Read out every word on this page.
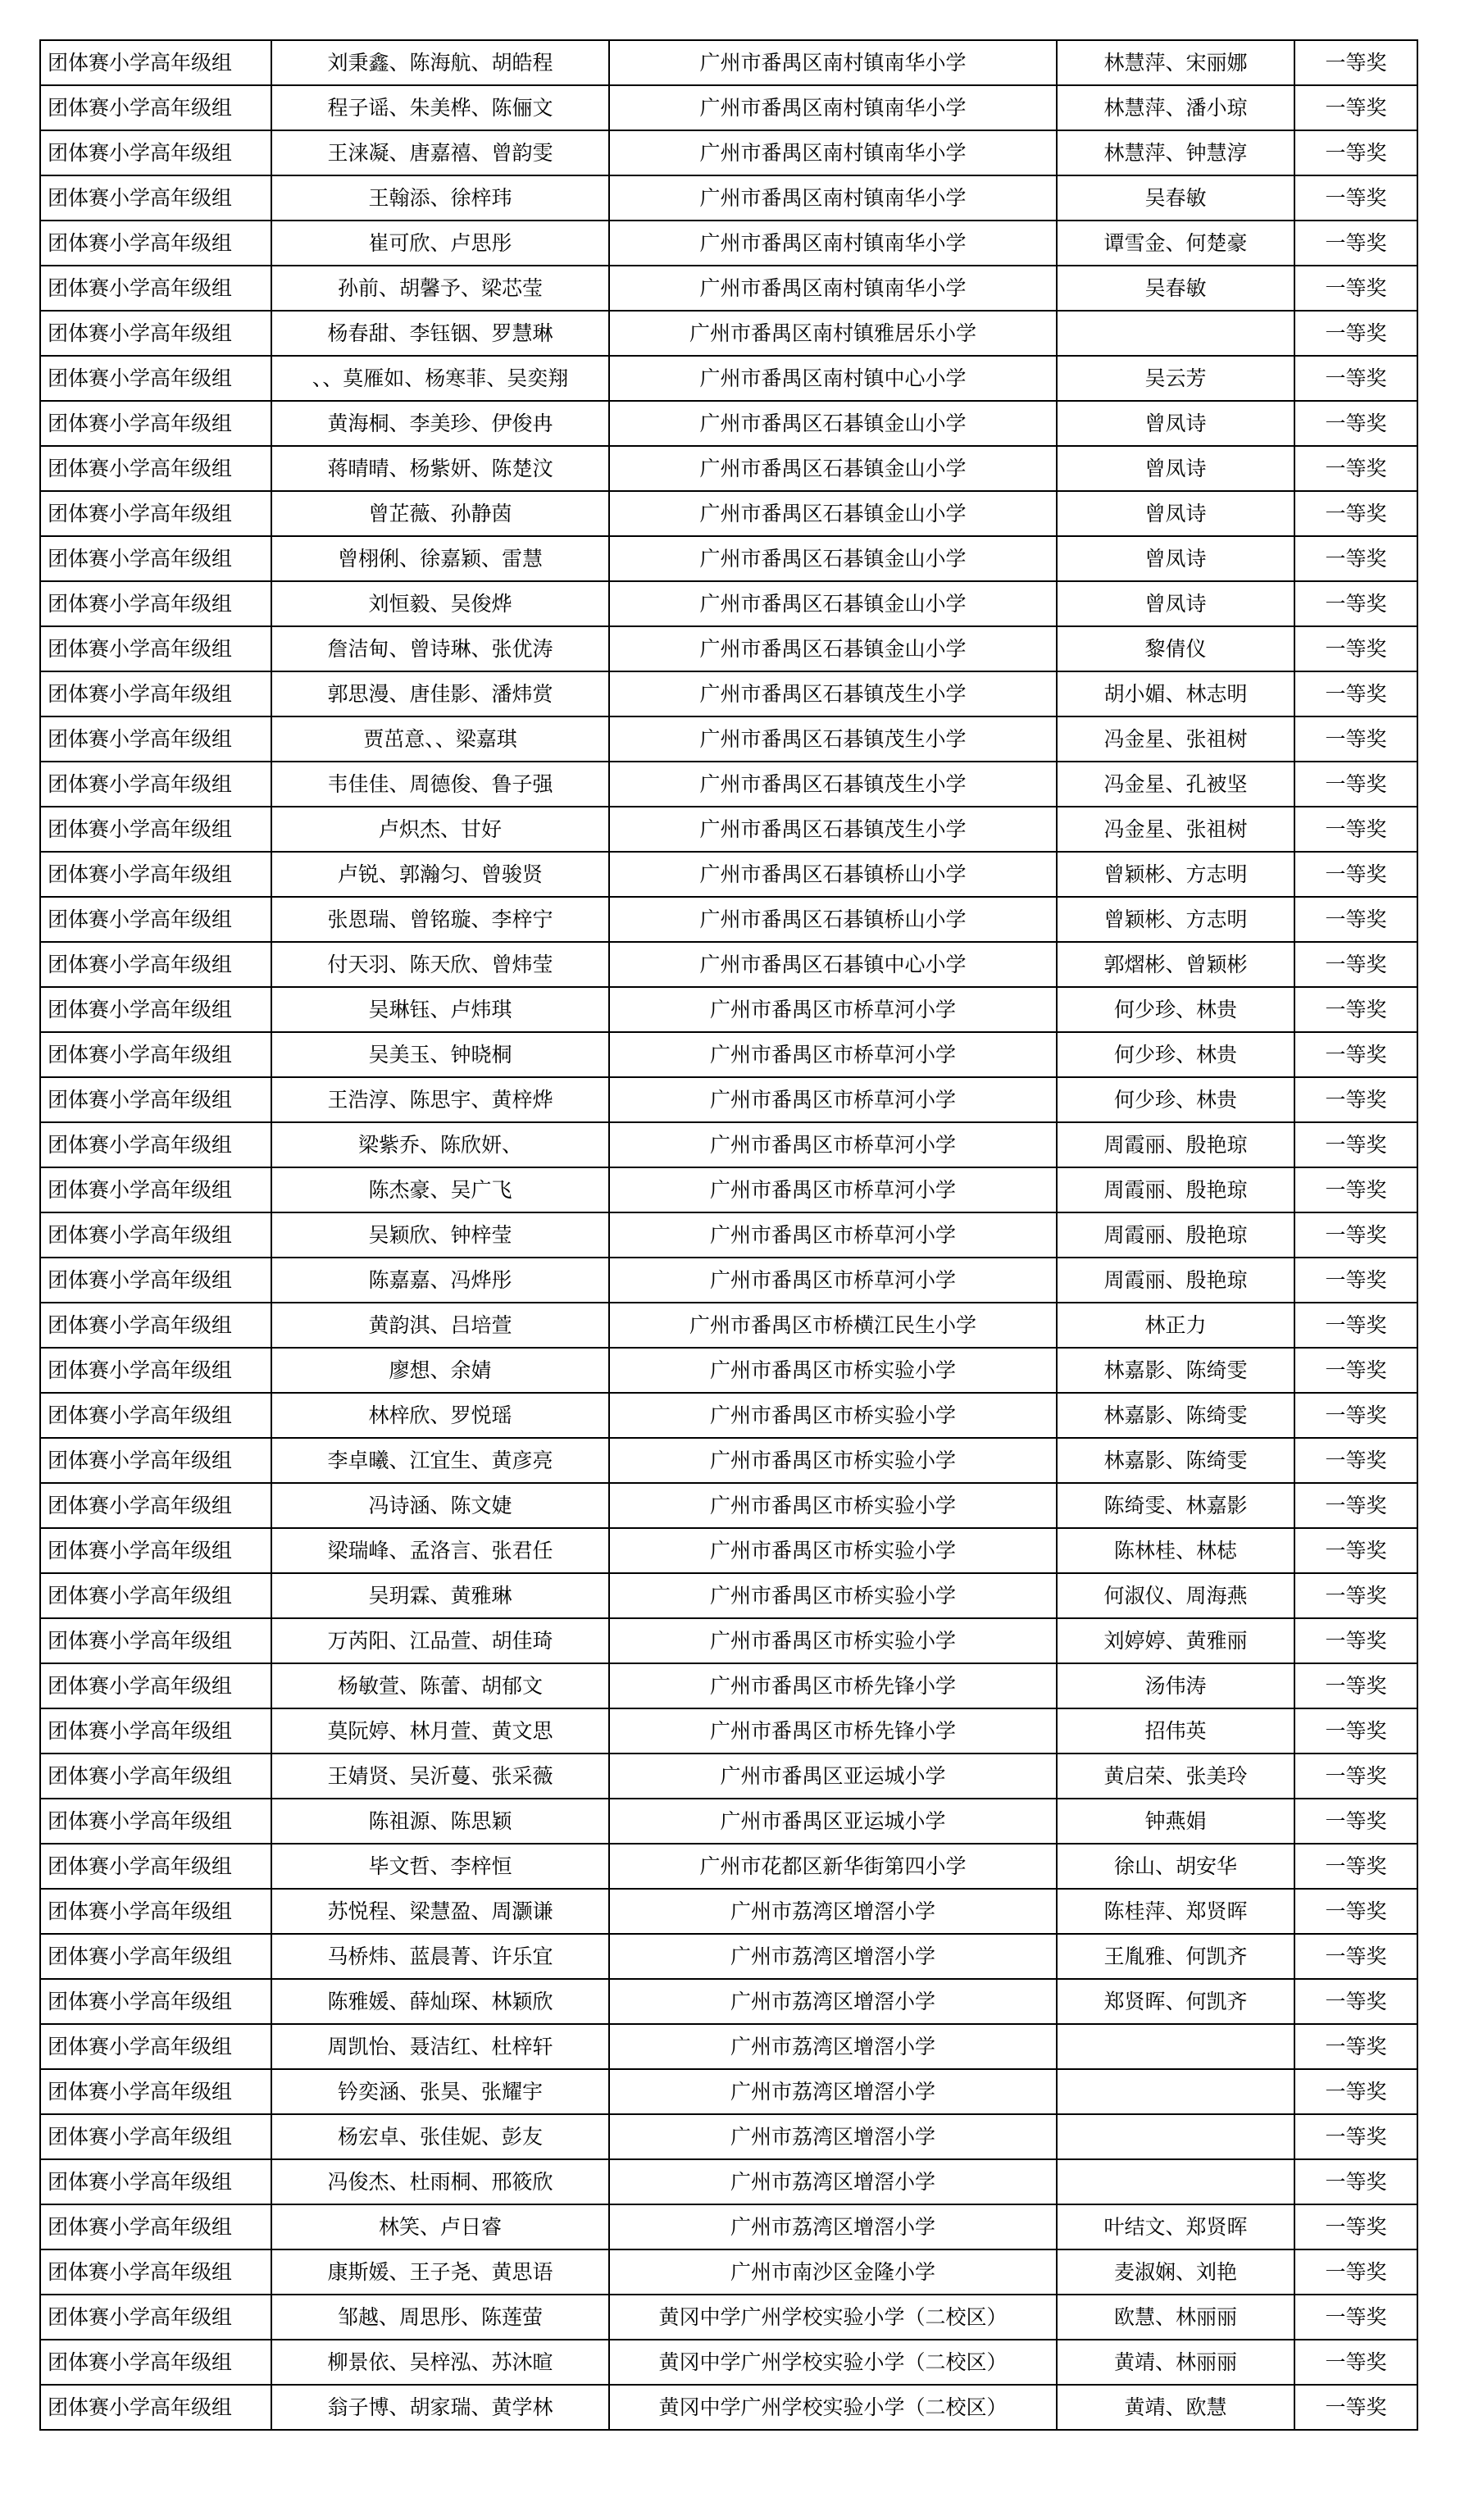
团体赛小学高年级组	刘秉鑫、陈海航、胡皓程	广州市番禺区南村镇南华小学	林慧萍、宋丽娜	一等奖
团体赛小学高年级组	程子谣、朱美桦、陈俪文	广州市番禺区南村镇南华小学	林慧萍、潘小琼	一等奖
团体赛小学高年级组	王涞凝、唐嘉禧、曾韵雯	广州市番禺区南村镇南华小学	林慧萍、钟慧淳	一等奖
团体赛小学高年级组	王翰添、徐梓玮	广州市番禺区南村镇南华小学	吴春敏	一等奖
团体赛小学高年级组	崔可欣、卢思彤	广州市番禺区南村镇南华小学	谭雪金、何楚豪	一等奖
团体赛小学高年级组	孙前、胡馨予、梁芯莹	广州市番禺区南村镇南华小学	吴春敏	一等奖
团体赛小学高年级组	杨春甜、李钰铟、罗慧琳	广州市番禺区南村镇雅居乐小学		一等奖
团体赛小学高年级组	、、莫雁如、杨寒菲、吴奕翔	广州市番禺区南村镇中心小学	吴云芳	一等奖
团体赛小学高年级组	黄海桐、李美珍、伊俊冉	广州市番禺区石碁镇金山小学	曾凤诗	一等奖
团体赛小学高年级组	蒋晴晴、杨紫妍、陈楚汶	广州市番禺区石碁镇金山小学	曾凤诗	一等奖
团体赛小学高年级组	曾芷薇、孙静茵	广州市番禺区石碁镇金山小学	曾凤诗	一等奖
团体赛小学高年级组	曾栩俐、徐嘉颖、雷慧	广州市番禺区石碁镇金山小学	曾凤诗	一等奖
团体赛小学高年级组	刘恒毅、吴俊烨	广州市番禺区石碁镇金山小学	曾凤诗	一等奖
团体赛小学高年级组	詹洁甸、曾诗琳、张优涛	广州市番禺区石碁镇金山小学	黎倩仪	一等奖
团体赛小学高年级组	郭思漫、唐佳影、潘炜赏	广州市番禺区石碁镇茂生小学	胡小媚、林志明	一等奖
团体赛小学高年级组	贾茁意、、梁嘉琪	广州市番禺区石碁镇茂生小学	冯金星、张祖树	一等奖
团体赛小学高年级组	韦佳佳、周德俊、鲁子强	广州市番禺区石碁镇茂生小学	冯金星、孔被坚	一等奖
团体赛小学高年级组	卢炽杰、甘好	广州市番禺区石碁镇茂生小学	冯金星、张祖树	一等奖
团体赛小学高年级组	卢锐、郭瀚匀、曾骏贤	广州市番禺区石碁镇桥山小学	曾颖彬、方志明	一等奖
团体赛小学高年级组	张恩瑞、曾铭璇、李梓宁	广州市番禺区石碁镇桥山小学	曾颖彬、方志明	一等奖
团体赛小学高年级组	付天羽、陈天欣、曾炜莹	广州市番禺区石碁镇中心小学	郭熠彬、曾颖彬	一等奖
团体赛小学高年级组	吴琳钰、卢炜琪	广州市番禺区市桥草河小学	何少珍、林贵	一等奖
团体赛小学高年级组	吴美玉、钟晓桐	广州市番禺区市桥草河小学	何少珍、林贵	一等奖
团体赛小学高年级组	王浩淳、陈思宇、黄梓烨	广州市番禺区市桥草河小学	何少珍、林贵	一等奖
团体赛小学高年级组	梁紫乔、陈欣妍、	广州市番禺区市桥草河小学	周霞丽、殷艳琼	一等奖
团体赛小学高年级组	陈杰豪、吴广飞	广州市番禺区市桥草河小学	周霞丽、殷艳琼	一等奖
团体赛小学高年级组	吴颖欣、钟梓莹	广州市番禺区市桥草河小学	周霞丽、殷艳琼	一等奖
团体赛小学高年级组	陈嘉嘉、冯烨彤	广州市番禺区市桥草河小学	周霞丽、殷艳琼	一等奖
团体赛小学高年级组	黄韵淇、吕培萱	广州市番禺区市桥横江民生小学	林正力	一等奖
团体赛小学高年级组	廖想、余婧	广州市番禺区市桥实验小学	林嘉影、陈绮雯	一等奖
团体赛小学高年级组	林梓欣、罗悦瑶	广州市番禺区市桥实验小学	林嘉影、陈绮雯	一等奖
团体赛小学高年级组	李卓曦、江宜生、黄彦亮	广州市番禺区市桥实验小学	林嘉影、陈绮雯	一等奖
团体赛小学高年级组	冯诗涵、陈文婕	广州市番禺区市桥实验小学	陈绮雯、林嘉影	一等奖
团体赛小学高年级组	梁瑞峰、孟洛言、张君任	广州市番禺区市桥实验小学	陈林桂、林梽	一等奖
团体赛小学高年级组	吴玥霖、黄雅琳	广州市番禺区市桥实验小学	何淑仪、周海燕	一等奖
团体赛小学高年级组	万芮阳、江品萱、胡佳琦	广州市番禺区市桥实验小学	刘婷婷、黄雅丽	一等奖
团体赛小学高年级组	杨敏萱、陈蕾、胡郁文	广州市番禺区市桥先锋小学	汤伟涛	一等奖
团体赛小学高年级组	莫阮婷、林月萱、黄文思	广州市番禺区市桥先锋小学	招伟英	一等奖
团体赛小学高年级组	王婧贤、吴沂蔓、张采薇	广州市番禺区亚运城小学	黄启荣、张美玲	一等奖
团体赛小学高年级组	陈祖源、陈思颖	广州市番禺区亚运城小学	钟燕娟	一等奖
团体赛小学高年级组	毕文哲、李梓恒	广州市花都区新华街第四小学	徐山、胡安华	一等奖
团体赛小学高年级组	苏悦程、梁慧盈、周灏谦	广州市荔湾区增滘小学	陈桂萍、郑贤晖	一等奖
团体赛小学高年级组	马桥炜、蓝晨菁、许乐宜	广州市荔湾区增滘小学	王胤雅、何凯齐	一等奖
团体赛小学高年级组	陈雅媛、薛灿琛、林颖欣	广州市荔湾区增滘小学	郑贤晖、何凯齐	一等奖
团体赛小学高年级组	周凯怡、聂洁红、杜梓轩	广州市荔湾区增滘小学		一等奖
团体赛小学高年级组	钤奕涵、张昊、张耀宇	广州市荔湾区增滘小学		一等奖
团体赛小学高年级组	杨宏卓、张佳妮、彭友	广州市荔湾区增滘小学		一等奖
团体赛小学高年级组	冯俊杰、杜雨桐、邢筱欣	广州市荔湾区增滘小学		一等奖
团体赛小学高年级组	林笑、卢日睿	广州市荔湾区增滘小学	叶结文、郑贤晖	一等奖
团体赛小学高年级组	康斯媛、王子尧、黄思语	广州市南沙区金隆小学	麦淑娴、刘艳	一等奖
团体赛小学高年级组	邹越、周思彤、陈莲萤	黄冈中学广州学校实验小学（二校区）	欧慧、林丽丽	一等奖
团体赛小学高年级组	柳景依、吴梓泓、苏沐暄	黄冈中学广州学校实验小学（二校区）	黄靖、林丽丽	一等奖
团体赛小学高年级组	翁子博、胡家瑞、黄学林	黄冈中学广州学校实验小学（二校区）	黄靖、欧慧	一等奖
